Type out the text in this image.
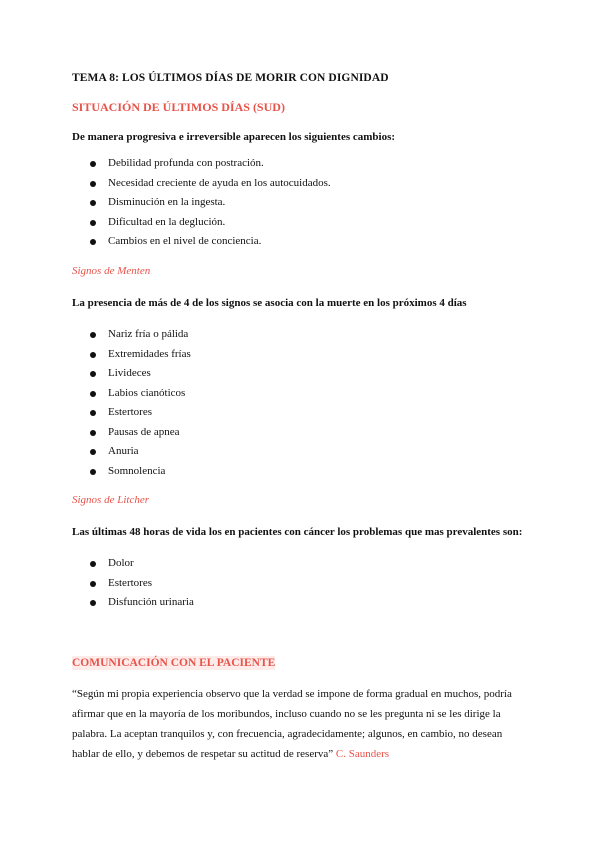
TEMA 8: LOS ÚLTIMOS DÍAS DE MORIR CON DIGNIDAD
SITUACIÓN DE ÚLTIMOS DÍAS (SUD)
De manera progresiva e irreversible aparecen los siguientes cambios:
Debilidad profunda con postración.
Necesidad creciente de ayuda en los autocuidados.
Disminución en la ingesta.
Dificultad en la deglución.
Cambios en el nivel de conciencia.
Signos de Menten
La presencia de más de 4 de los signos se asocia con la muerte en los próximos 4 días
Nariz fría o pálida
Extremidades frías
Livideces
Labios cianóticos
Estertores
Pausas de apnea
Anuria
Somnolencia
Signos de Litcher
Las últimas 48 horas de vida los en pacientes con cáncer los problemas que mas prevalentes son:
Dolor
Estertores
Disfunción urinaria
COMUNICACIÓN CON EL PACIENTE
“Según mi propia experiencia observo que la verdad se impone de forma gradual en muchos, podría afirmar que en la mayoría de los moribundos, incluso cuando no se les pregunta ni se les dirige la palabra. La aceptan tranquilos y, con frecuencia, agradecidamente; algunos, en cambio, no desean hablar de ello, y debemos de respetar su actitud de reserva” C. Saunders
